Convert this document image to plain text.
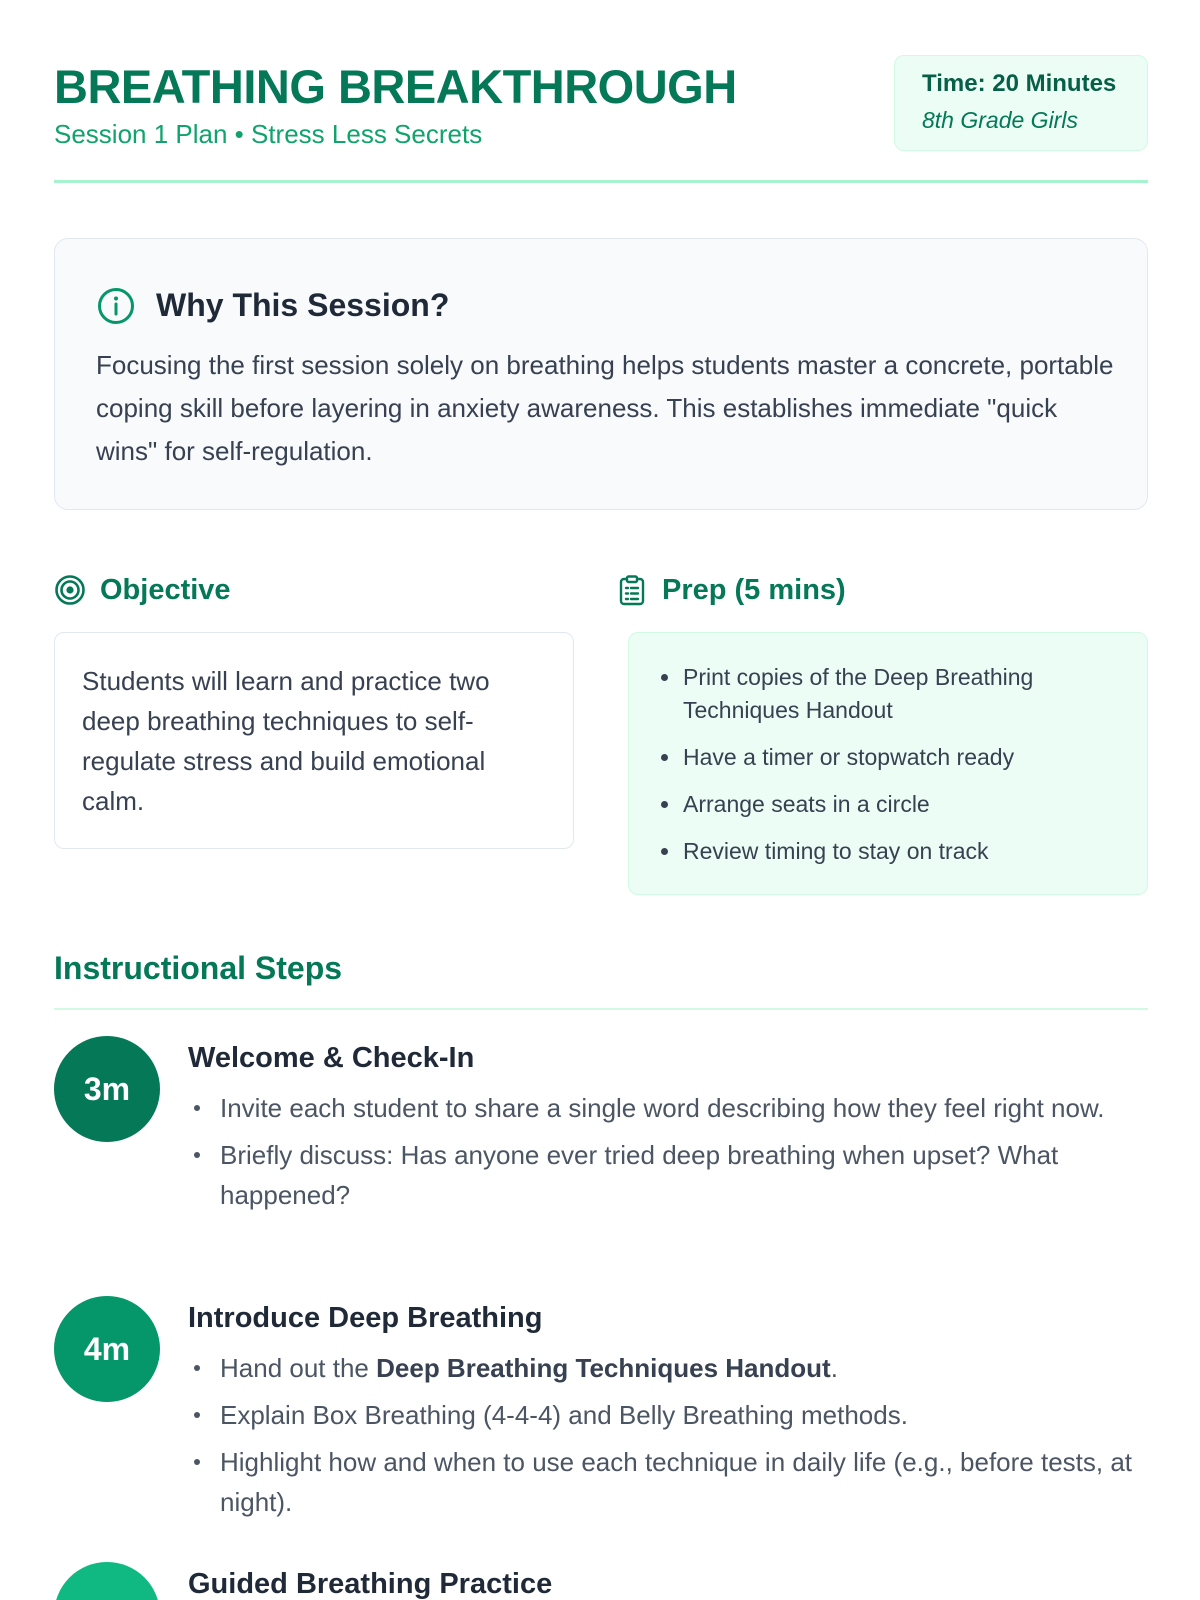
BREATHING BREAKTHROUGH
Session 1 Plan • Stress Less Secrets
Time: 20 Minutes
8th Grade Girls
Why This Session?
Focusing the first session solely on breathing helps students master a concrete, portable coping skill before layering in anxiety awareness. This establishes immediate "quick wins" for self-regulation.
Objective
Students will learn and practice two deep breathing techniques to self-regulate stress and build emotional calm.
Prep (5 mins)
Print copies of the Deep Breathing Techniques Handout
Have a timer or stopwatch ready
Arrange seats in a circle
Review timing to stay on track
Instructional Steps
3m
Welcome & Check-In
Invite each student to share a single word describing how they feel right now.
Briefly discuss: Has anyone ever tried deep breathing when upset? What happened?
4m
Introduce Deep Breathing
Hand out the Deep Breathing Techniques Handout.
Explain Box Breathing (4-4-4) and Belly Breathing methods.
Highlight how and when to use each technique in daily life (e.g., before tests, at night).
Guided Breathing Practice
